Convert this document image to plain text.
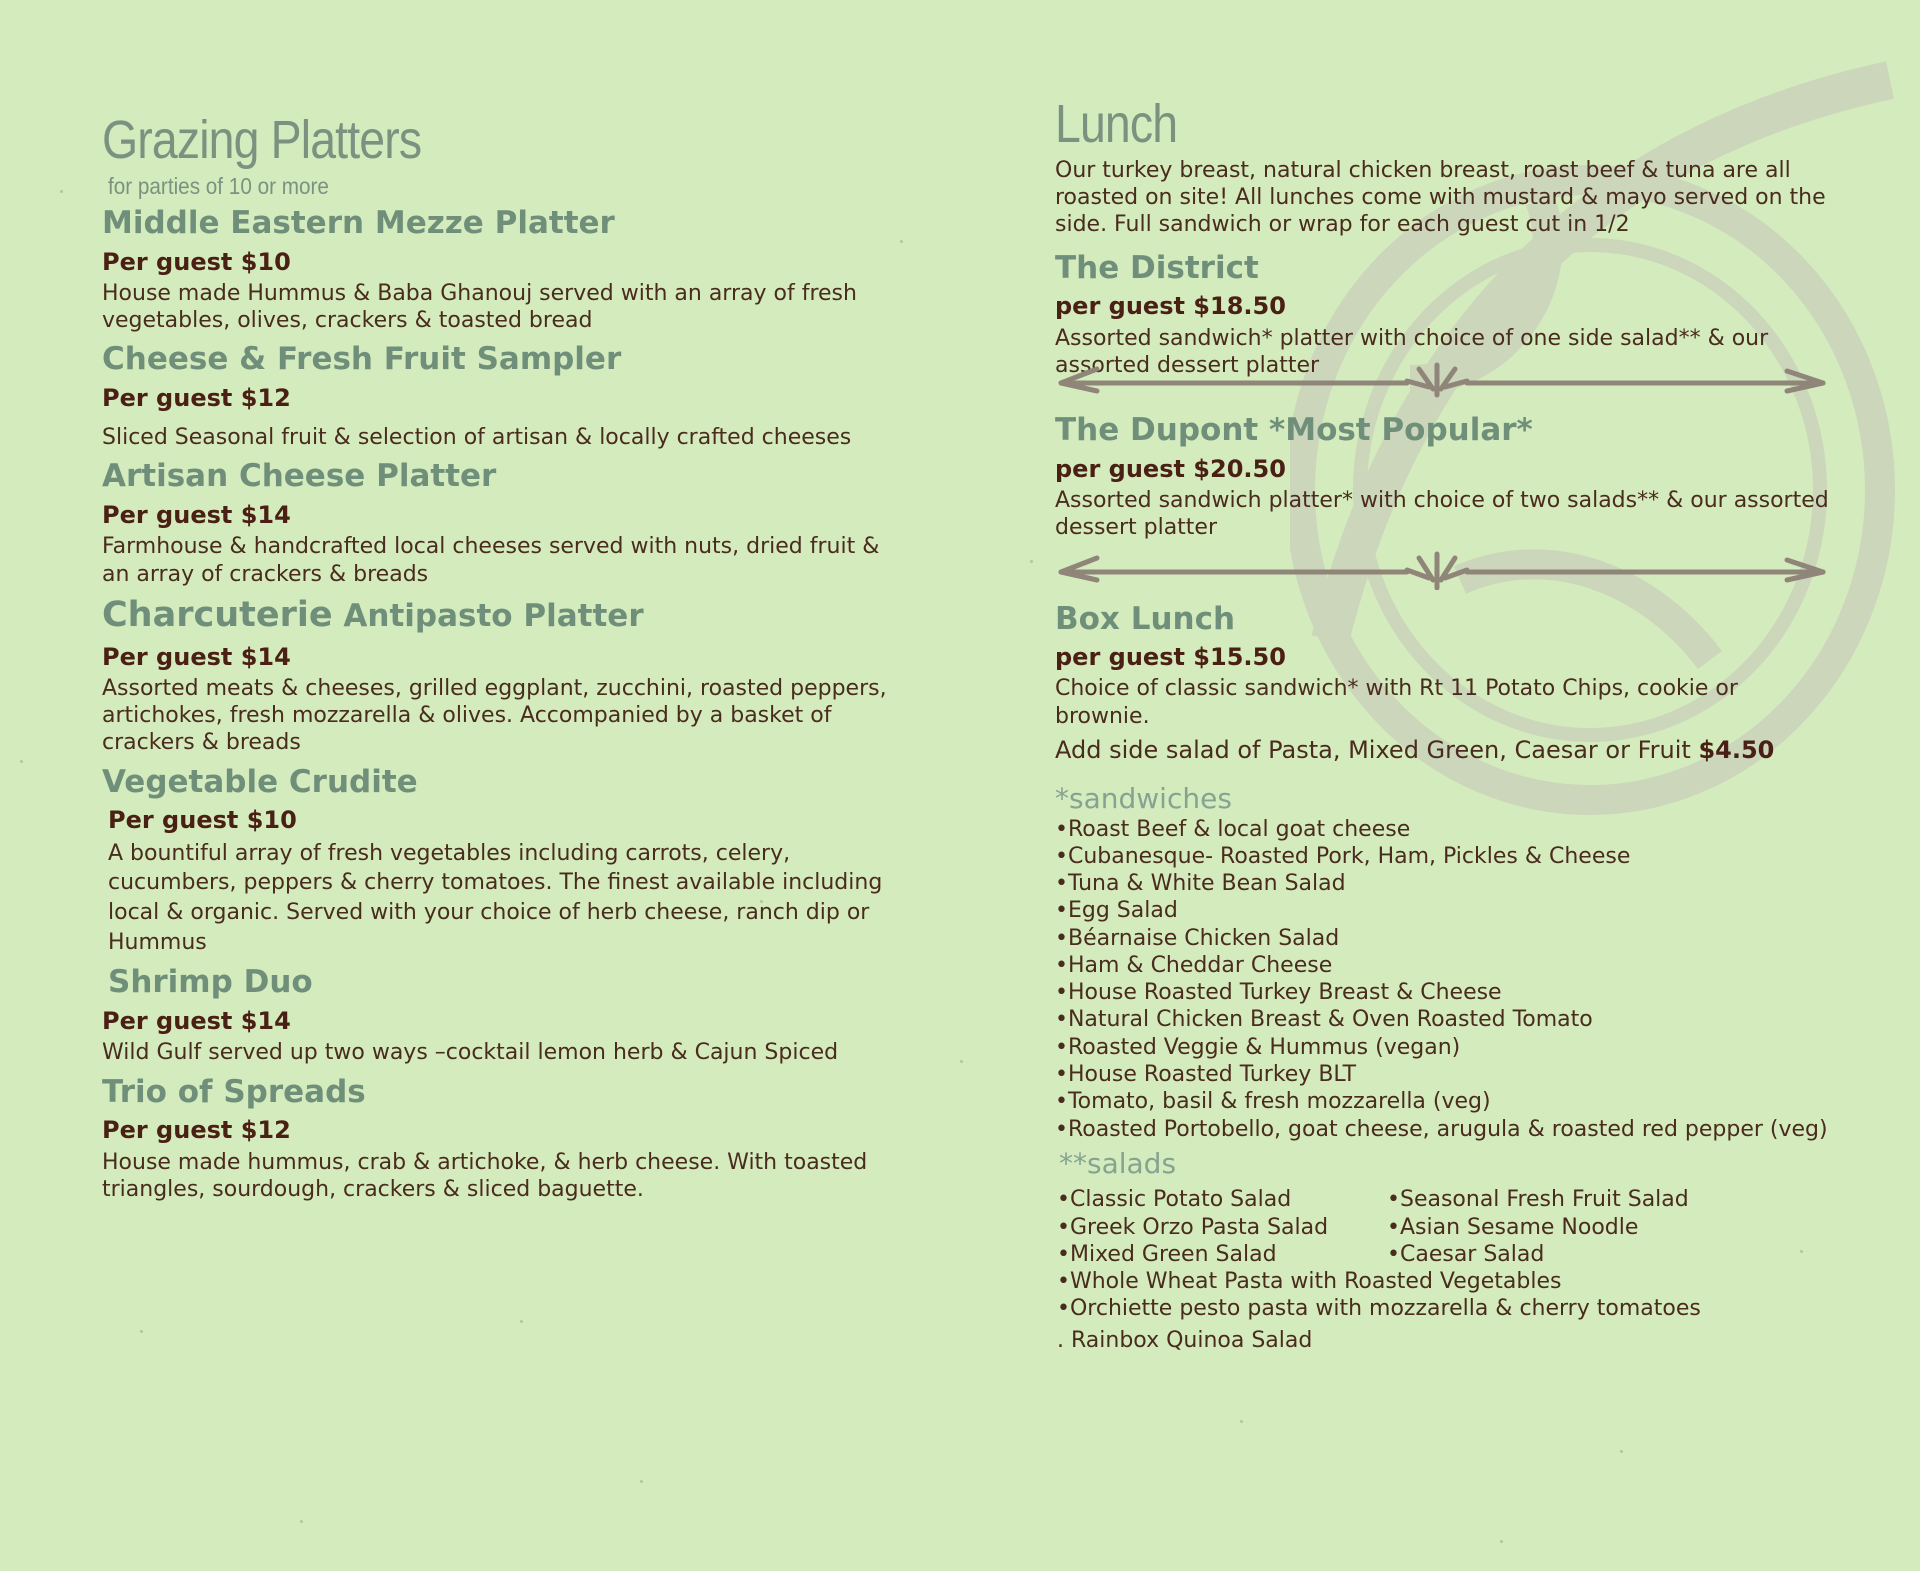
Grazing Platters
for parties of 10 or more
Middle Eastern Mezze Platter
Per guest $10

House made Hummus & Baba Ghanouj served with an array of fresh vegetables, olives, crackers & toasted bread

Cheese & Fresh Fruit Sampler
Per guest $12

Sliced Seasonal fruit & selection of artisan & locally crafted cheeses

Artisan Cheese Platter
Per guest $14

Farmhouse & handcrafted local cheeses served with nuts, dried fruit & an array of crackers & breads

Charcuterie Antipasto Platter
Per guest $14

Assorted meats & cheeses, grilled eggplant, zucchini, roasted peppers, artichokes, fresh mozzarella & olives. Accompanied by a basket of crackers & breads

Vegetable Crudite
Per guest $10

A bountiful array of fresh vegetables including carrots, celery, cucumbers, peppers & cherry tomatoes. The finest available including local & organic. Served with your choice of herb cheese, ranch dip or Hummus

Shrimp Duo
Per guest $14

Wild Gulf served up two ways –cocktail lemon herb & Cajun Spiced

Trio of Spreads
Per guest $12

House made hummus, crab & artichoke, & herb cheese. With toasted triangles, sourdough, crackers & sliced baguette.

Lunch

Our turkey breast, natural chicken breast, roast beef & tuna are all roasted on site! All lunches come with mustard & mayo served on the side. Full sandwich or wrap for each guest cut in 1/2

The District
per guest $18.50

Assorted sandwich* platter with choice of one side salad** & our assorted dessert platter

The Dupont *Most Popular*
per guest $20.50

Assorted sandwich platter* with choice of two salads** & our assorted dessert platter

Box Lunch
per guest $15.50

Choice of classic sandwich* with Rt 11 Potato Chips, cookie or brownie.

Add side salad of Pasta, Mixed Green, Caesar or Fruit $4.50
*sandwiches
•Roast Beef & local goat cheese
•Cubanesque- Roasted Pork, Ham, Pickles & Cheese
•Tuna & White Bean Salad
•Egg Salad
•Béarnaise Chicken Salad
•Ham & Cheddar Cheese
•House Roasted Turkey Breast & Cheese
•Natural Chicken Breast & Oven Roasted Tomato
•Roasted Veggie & Hummus (vegan)
•House Roasted Turkey BLT
•Tomato, basil & fresh mozzarella (veg)
•Roasted Portobello, goat cheese, arugula & roasted red pepper (veg)
**salads
•Classic Potato Salad	•Seasonal Fresh Fruit Salad
•Greek Orzo Pasta Salad	•Asian Sesame Noodle
•Mixed Green Salad	•Caesar Salad
•Whole Wheat Pasta with Roasted Vegetables
•Orchiette pesto pasta with mozzarella & cherry tomatoes
. Rainbox Quinoa Salad
